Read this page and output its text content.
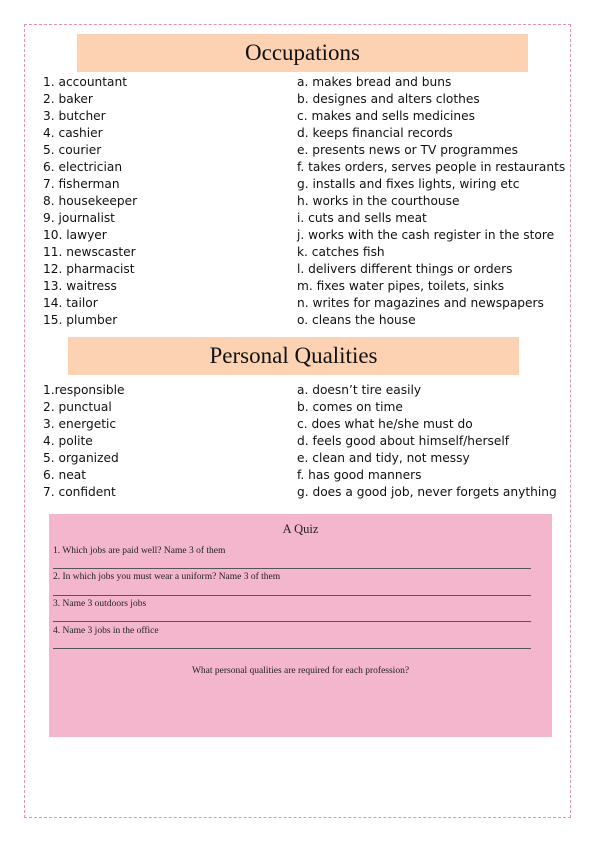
Occupations
1. accountant
2. baker
3. butcher
4. cashier
5. courier
6. electrician
7. fisherman
8. housekeeper
9. journalist
10. lawyer
11. newscaster
12. pharmacist
13. waitress
14. tailor
15. plumber
a. makes bread and buns
b. designes and alters clothes
c. makes and sells medicines
d. keeps financial records
e. presents news or TV programmes
f. takes orders, serves people in restaurants
g. installs and fixes lights, wiring etc
h. works in the courthouse
i. cuts and sells meat
j. works with the cash register in the store
k. catches fish
l. delivers different things or orders
m. fixes water pipes, toilets, sinks
n. writes for magazines and newspapers
o. cleans the house
Personal Qualities
1.responsible
2. punctual
3. energetic
4. polite
5. organized
6. neat
7. confident
a. doesn’t tire easily
b. comes on time
c. does what he/she must do
d. feels good about himself/herself
e. clean and tidy, not messy
f. has good manners
g. does a good job, never forgets anything
A Quiz
1. Which jobs are paid well? Name 3 of them
2. In which jobs you must wear a uniform? Name 3 of them
3. Name 3 outdoors jobs
4. Name 3 jobs in the office
What personal qualities are required for each profession?
